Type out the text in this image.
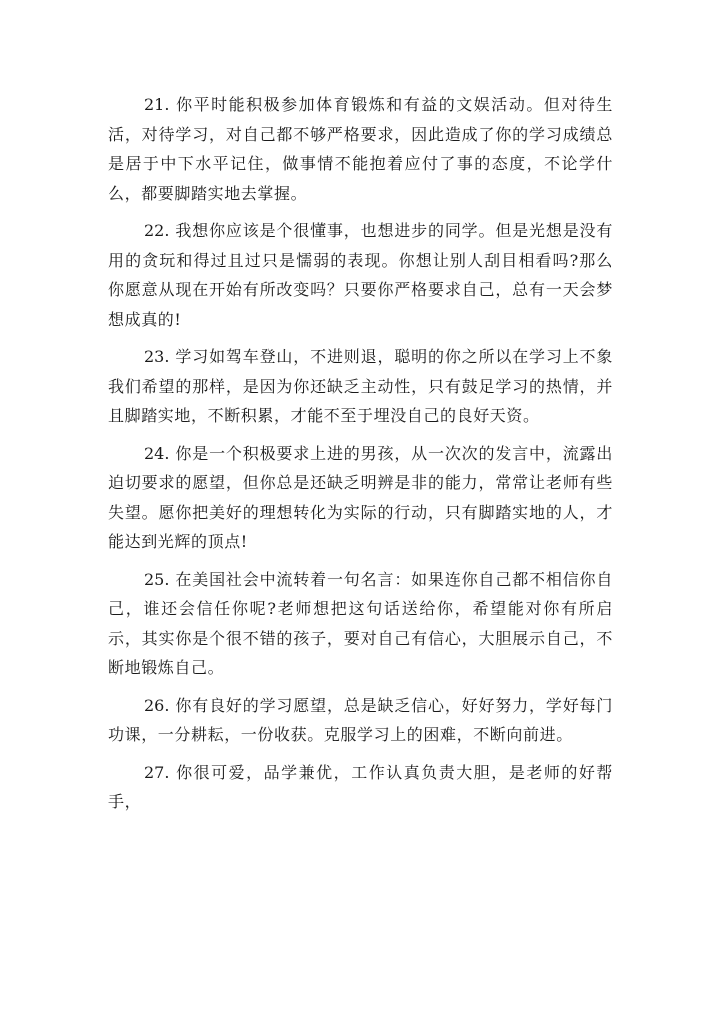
21. 你平时能积极参加体育锻炼和有益的文娱活动。但对待生活，对待学习，对自己都不够严格要求，因此造成了你的学习成绩总是居于中下水平记住，做事情不能抱着应付了事的态度，不论学什么，都要脚踏实地去掌握。

22. 我想你应该是个很懂事，也想进步的同学。但是光想是没有用的贪玩和得过且过只是懦弱的表现。你想让别人刮目相看吗?那么你愿意从现在开始有所改变吗？只要你严格要求自己，总有一天会梦想成真的!

23. 学习如驾车登山，不进则退，聪明的你之所以在学习上不象我们希望的那样，是因为你还缺乏主动性，只有鼓足学习的热情，并且脚踏实地，不断积累，才能不至于埋没自己的良好天资。

24. 你是一个积极要求上进的男孩，从一次次的发言中，流露出迫切要求的愿望，但你总是还缺乏明辨是非的能力，常常让老师有些失望。愿你把美好的理想转化为实际的行动，只有脚踏实地的人，才能达到光辉的顶点!

25. 在美国社会中流转着一句名言：如果连你自己都不相信你自己，谁还会信任你呢?老师想把这句话送给你，希望能对你有所启示，其实你是个很不错的孩子，要对自己有信心，大胆展示自己，不断地锻炼自己。

26. 你有良好的学习愿望，总是缺乏信心，好好努力，学好每门功课，一分耕耘，一份收获。克服学习上的困难，不断向前进。

27. 你很可爱，品学兼优，工作认真负责大胆，是老师的好帮手，
